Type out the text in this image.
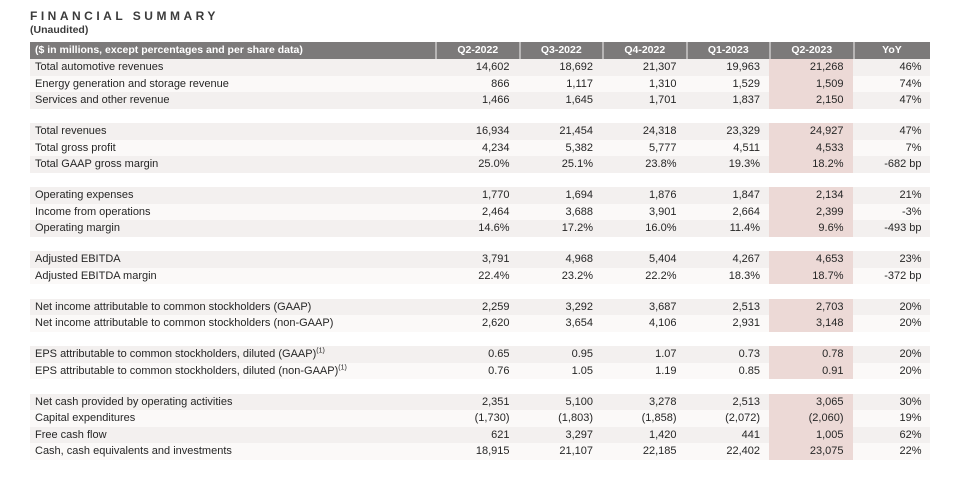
FINANCIAL SUMMARY
(Unaudited)
($ in millions, except percentages and per share data)	Q2-2022	Q3-2022	Q4-2022	Q1-2023	Q2-2023	YoY
Total automotive revenues	14,602	18,692	21,307	19,963	21,268	46%
Energy generation and storage revenue	866	1,117	1,310	1,529	1,509	74%
Services and other revenue	1,466	1,645	1,701	1,837	2,150	47%
Total revenues	16,934	21,454	24,318	23,329	24,927	47%
Total gross profit	4,234	5,382	5,777	4,511	4,533	7%
Total GAAP gross margin	25.0%	25.1%	23.8%	19.3%	18.2%	-682 bp
Operating expenses	1,770	1,694	1,876	1,847	2,134	21%
Income from operations	2,464	3,688	3,901	2,664	2,399	-3%
Operating margin	14.6%	17.2%	16.0%	11.4%	9.6%	-493 bp
Adjusted EBITDA	3,791	4,968	5,404	4,267	4,653	23%
Adjusted EBITDA margin	22.4%	23.2%	22.2%	18.3%	18.7%	-372 bp
Net income attributable to common stockholders (GAAP)	2,259	3,292	3,687	2,513	2,703	20%
Net income attributable to common stockholders (non-GAAP)	2,620	3,654	4,106	2,931	3,148	20%
EPS attributable to common stockholders, diluted (GAAP)$^{(1)}$	0.65	0.95	1.07	0.73	0.78	20%
EPS attributable to common stockholders, diluted (non-GAAP)$^{(1)}$	0.76	1.05	1.19	0.85	0.91	20%
Net cash provided by operating activities	2,351	5,100	3,278	2,513	3,065	30%
Capital expenditures	(1,730)	(1,803)	(1,858)	(2,072)	(2,060)	19%
Free cash flow	621	3,297	1,420	441	1,005	62%
Cash, cash equivalents and investments	18,915	21,107	22,185	22,402	23,075	22%
